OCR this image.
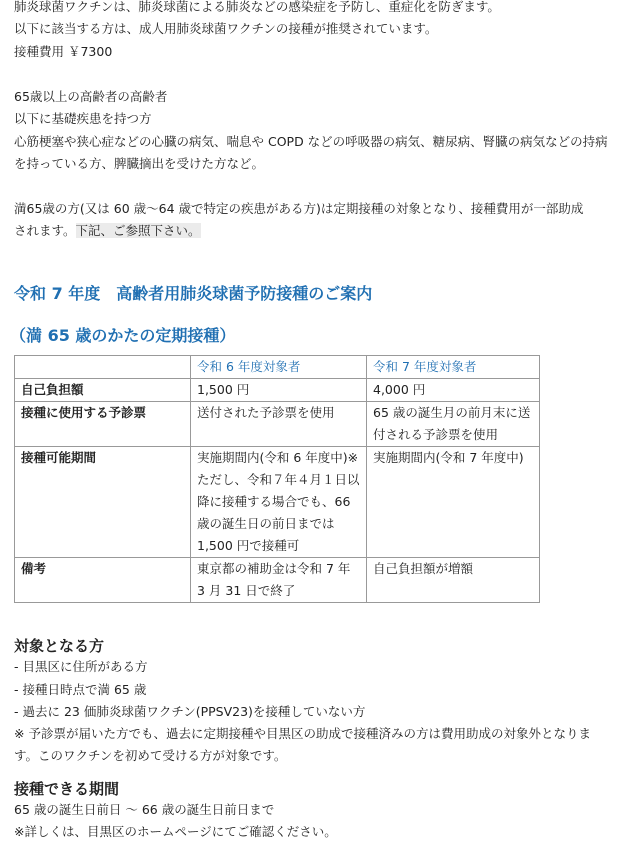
肺炎球菌ワクチンは、肺炎球菌による肺炎などの感染症を予防し、重症化を防ぎます。
以下に該当する方は、成人用肺炎球菌ワクチンの接種が推奨されています。
接種費用 ￥7300
65歳以上の高齢者の高齢者
以下に基礎疾患を持つ方
心筋梗塞や狭心症などの心臓の病気、喘息や COPD などの呼吸器の病気、糖尿病、腎臓の病気などの持病
を持っている方、脾臓摘出を受けた方など。
満65歳の方(又は 60 歳～64 歳で特定の疾患がある方)は定期接種の対象となり、接種費用が一部助成
されます。下記、ご参照下さい。
令和 7 年度　高齢者用肺炎球菌予防接種のご案内
（満 65 歳のかたの定期接種）
	令和 6 年度対象者	令和 7 年度対象者
自己負担額	1,500 円	4,000 円
接種に使用する予診票	送付された予診票を使用	65 歳の誕生月の前月末に送付される予診票を使用
接種可能期間	実施期間内(令和 6 年度中)※ただし、令和７年４月１日以降に接種する場合でも、66 歳の誕生日の前日までは 1,500 円で接種可	実施期間内(令和 7 年度中)
備考	東京都の補助金は令和 7 年 3 月 31 日で終了	自己負担額が増額
対象となる方
- 目黒区に住所がある方
- 接種日時点で満 65 歳
- 過去に 23 価肺炎球菌ワクチン(PPSV23)を接種していない方
※ 予診票が届いた方でも、過去に定期接種や目黒区の助成で接種済みの方は費用助成の対象外となりま
す。このワクチンを初めて受ける方が対象です。
接種できる期間
65 歳の誕生日前日 ～ 66 歳の誕生日前日まで
※詳しくは、目黒区のホームページにてご確認ください。
